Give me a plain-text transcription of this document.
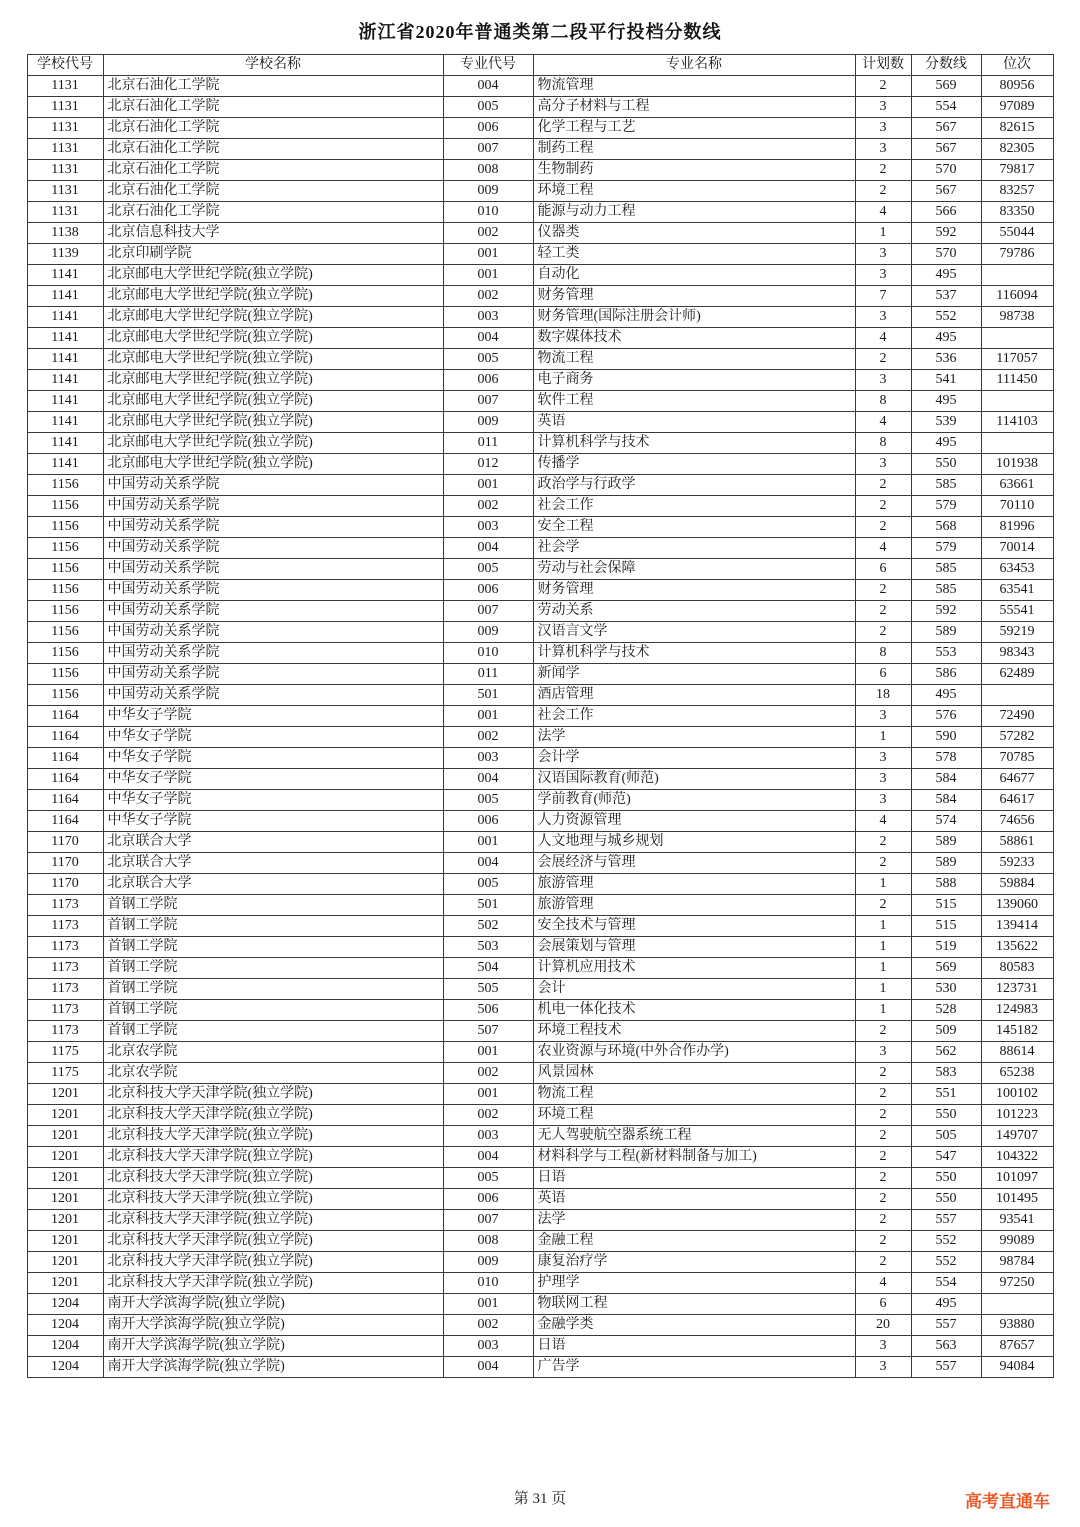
浙江省2020年普通类第二段平行投档分数线
学校代号	学校名称	专业代号	专业名称	计划数	分数线	位次
1131	北京石油化工学院	004	物流管理	2	569	80956
1131	北京石油化工学院	005	高分子材料与工程	3	554	97089
1131	北京石油化工学院	006	化学工程与工艺	3	567	82615
1131	北京石油化工学院	007	制药工程	3	567	82305
1131	北京石油化工学院	008	生物制药	2	570	79817
1131	北京石油化工学院	009	环境工程	2	567	83257
1131	北京石油化工学院	010	能源与动力工程	4	566	83350
1138	北京信息科技大学	002	仪器类	1	592	55044
1139	北京印刷学院	001	轻工类	3	570	79786
1141	北京邮电大学世纪学院(独立学院)	001	自动化	3	495	
1141	北京邮电大学世纪学院(独立学院)	002	财务管理	7	537	116094
1141	北京邮电大学世纪学院(独立学院)	003	财务管理(国际注册会计师)	3	552	98738
1141	北京邮电大学世纪学院(独立学院)	004	数字媒体技术	4	495	
1141	北京邮电大学世纪学院(独立学院)	005	物流工程	2	536	117057
1141	北京邮电大学世纪学院(独立学院)	006	电子商务	3	541	111450
1141	北京邮电大学世纪学院(独立学院)	007	软件工程	8	495	
1141	北京邮电大学世纪学院(独立学院)	009	英语	4	539	114103
1141	北京邮电大学世纪学院(独立学院)	011	计算机科学与技术	8	495	
1141	北京邮电大学世纪学院(独立学院)	012	传播学	3	550	101938
1156	中国劳动关系学院	001	政治学与行政学	2	585	63661
1156	中国劳动关系学院	002	社会工作	2	579	70110
1156	中国劳动关系学院	003	安全工程	2	568	81996
1156	中国劳动关系学院	004	社会学	4	579	70014
1156	中国劳动关系学院	005	劳动与社会保障	6	585	63453
1156	中国劳动关系学院	006	财务管理	2	585	63541
1156	中国劳动关系学院	007	劳动关系	2	592	55541
1156	中国劳动关系学院	009	汉语言文学	2	589	59219
1156	中国劳动关系学院	010	计算机科学与技术	8	553	98343
1156	中国劳动关系学院	011	新闻学	6	586	62489
1156	中国劳动关系学院	501	酒店管理	18	495	
1164	中华女子学院	001	社会工作	3	576	72490
1164	中华女子学院	002	法学	1	590	57282
1164	中华女子学院	003	会计学	3	578	70785
1164	中华女子学院	004	汉语国际教育(师范)	3	584	64677
1164	中华女子学院	005	学前教育(师范)	3	584	64617
1164	中华女子学院	006	人力资源管理	4	574	74656
1170	北京联合大学	001	人文地理与城乡规划	2	589	58861
1170	北京联合大学	004	会展经济与管理	2	589	59233
1170	北京联合大学	005	旅游管理	1	588	59884
1173	首钢工学院	501	旅游管理	2	515	139060
1173	首钢工学院	502	安全技术与管理	1	515	139414
1173	首钢工学院	503	会展策划与管理	1	519	135622
1173	首钢工学院	504	计算机应用技术	1	569	80583
1173	首钢工学院	505	会计	1	530	123731
1173	首钢工学院	506	机电一体化技术	1	528	124983
1173	首钢工学院	507	环境工程技术	2	509	145182
1175	北京农学院	001	农业资源与环境(中外合作办学)	3	562	88614
1175	北京农学院	002	风景园林	2	583	65238
1201	北京科技大学天津学院(独立学院)	001	物流工程	2	551	100102
1201	北京科技大学天津学院(独立学院)	002	环境工程	2	550	101223
1201	北京科技大学天津学院(独立学院)	003	无人驾驶航空器系统工程	2	505	149707
1201	北京科技大学天津学院(独立学院)	004	材料科学与工程(新材料制备与加工)	2	547	104322
1201	北京科技大学天津学院(独立学院)	005	日语	2	550	101097
1201	北京科技大学天津学院(独立学院)	006	英语	2	550	101495
1201	北京科技大学天津学院(独立学院)	007	法学	2	557	93541
1201	北京科技大学天津学院(独立学院)	008	金融工程	2	552	99089
1201	北京科技大学天津学院(独立学院)	009	康复治疗学	2	552	98784
1201	北京科技大学天津学院(独立学院)	010	护理学	4	554	97250
1204	南开大学滨海学院(独立学院)	001	物联网工程	6	495	
1204	南开大学滨海学院(独立学院)	002	金融学类	20	557	93880
1204	南开大学滨海学院(独立学院)	003	日语	3	563	87657
1204	南开大学滨海学院(独立学院)	004	广告学	3	557	94084
第 31 页	高考直通车
